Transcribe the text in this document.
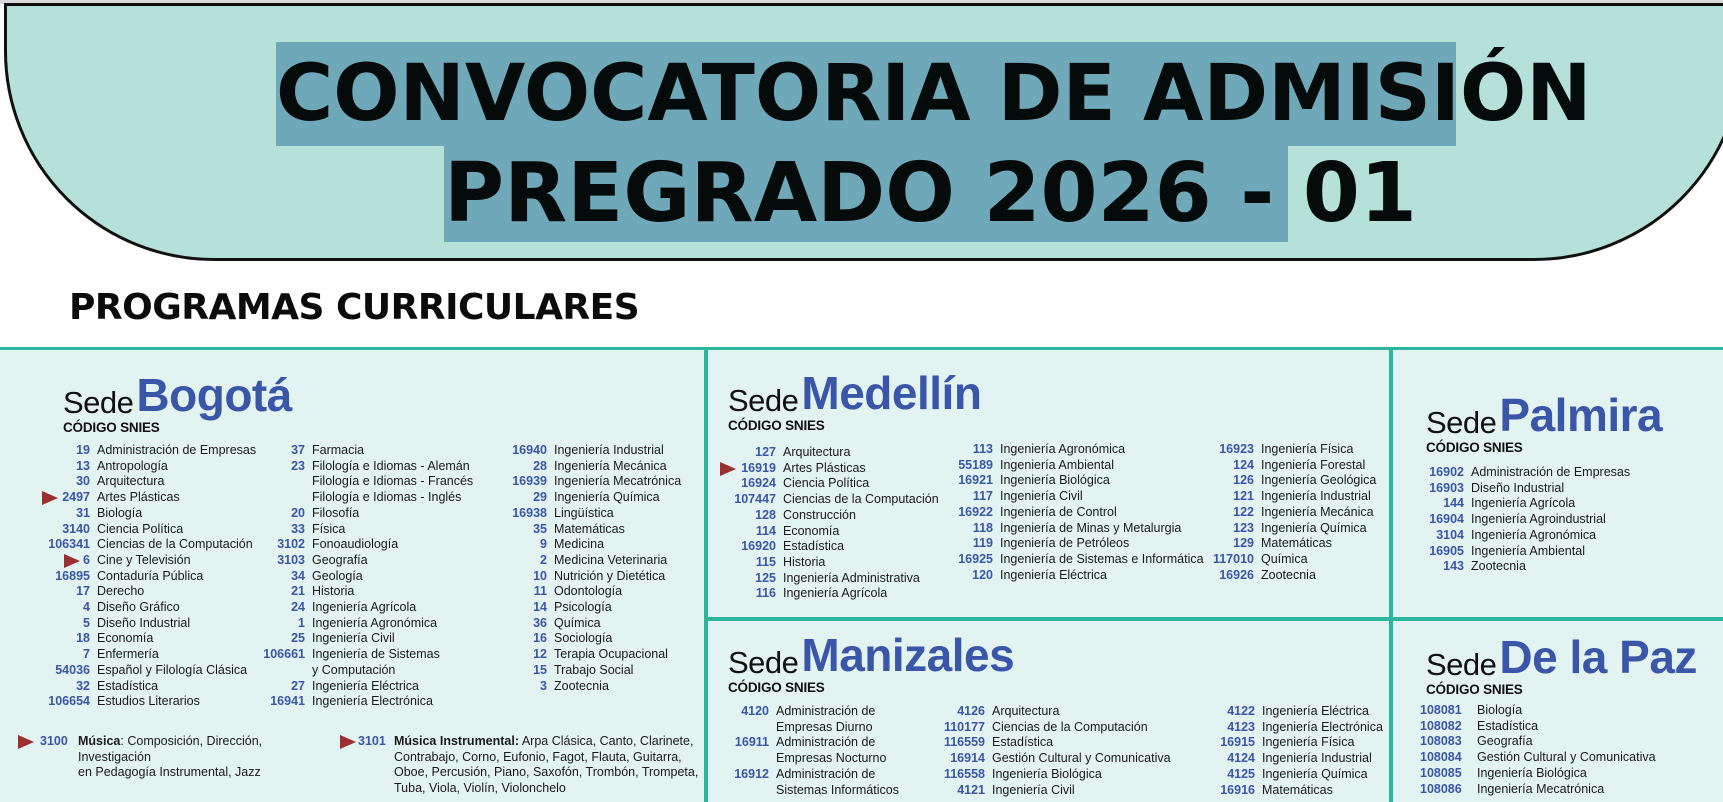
CONVOCATORIA DE ADMISIÓN
PREGRADO 2026 - 01
PROGRAMAS CURRICULARES
Sede Bogotá
CÓDIGO SNIES
19 Administración de Empresas
13 Antropología
30 Arquitectura
2497 Artes Plásticas
31 Biología
3140 Ciencia Política
106341 Ciencias de la Computación
6 Cine y Televisión
16895 Contaduría Pública
17 Derecho
4 Diseño Gráfico
5 Diseño Industrial
18 Economía
7 Enfermería
54036 Español y Filología Clásica
32 Estadística
106654 Estudios Literarios
37 Farmacia
23 Filología e Idiomas - Alemán
Filología e Idiomas - Francés
Filología e Idiomas - Inglés
20 Filosofía
33 Física
3102 Fonoaudiología
3103 Geografía
34 Geología
21 Historia
24 Ingeniería Agrícola
1 Ingeniería Agronómica
25 Ingeniería Civil
106661 Ingeniería de Sistemas
y Computación
27 Ingeniería Eléctrica
16941 Ingeniería Electrónica
16940 Ingeniería Industrial
28 Ingeniería Mecánica
16939 Ingeniería Mecatrónica
29 Ingeniería Química
16938 Lingüística
35 Matemáticas
9 Medicina
2 Medicina Veterinaria
10 Nutrición y Dietética
11 Odontología
14 Psicología
36 Química
16 Sociología
12 Terapia Ocupacional
15 Trabajo Social
3 Zootecnia
3100 Música: Composición, Dirección, Investigación
en Pedagogía Instrumental, Jazz
3101 Música Instrumental: Arpa Clásica, Canto, Clarinete,
Contrabajo, Corno, Eufonio, Fagot, Flauta, Guitarra,
Oboe, Percusión, Piano, Saxofón, Trombón, Trompeta,
Tuba, Viola, Violín, Violonchelo
Sede Medellín
CÓDIGO SNIES
127 Arquitectura
16919 Artes Plásticas
16924 Ciencia Política
107447 Ciencias de la Computación
128 Construcción
114 Economía
16920 Estadística
115 Historia
125 Ingeniería Administrativa
116 Ingeniería Agrícola
113 Ingeniería Agronómica
55189 Ingeniería Ambiental
16921 Ingeniería Biológica
117 Ingeniería Civil
16922 Ingeniería de Control
118 Ingeniería de Minas y Metalurgia
119 Ingeniería de Petróleos
16925 Ingeniería de Sistemas e Informática
120 Ingeniería Eléctrica
16923 Ingeniería Física
124 Ingeniería Forestal
126 Ingeniería Geológica
121 Ingeniería Industrial
122 Ingeniería Mecánica
123 Ingeniería Química
129 Matemáticas
117010 Química
16926 Zootecnia
Sede Palmira
CÓDIGO SNIES
16902 Administración de Empresas
16903 Diseño Industrial
144 Ingeniería Agrícola
16904 Ingeniería Agroindustrial
3104 Ingeniería Agronómica
16905 Ingeniería Ambiental
143 Zootecnia
Sede Manizales
CÓDIGO SNIES
4120 Administración de
Empresas Diurno
16911 Administración de
Empresas Nocturno
16912 Administración de
Sistemas Informáticos
4126 Arquitectura
110177 Ciencias de la Computación
116559 Estadística
16914 Gestión Cultural y Comunicativa
116558 Ingeniería Biológica
4121 Ingeniería Civil
4122 Ingeniería Eléctrica
4123 Ingeniería Electrónica
16915 Ingeniería Física
4124 Ingeniería Industrial
4125 Ingeniería Química
16916 Matemáticas
Sede De la Paz
CÓDIGO SNIES
108081	Biología
108082	Estadística
108083	Geografía
108084	Gestión Cultural y Comunicativa
108085	Ingeniería Biológica
108086	Ingeniería Mecatrónica
